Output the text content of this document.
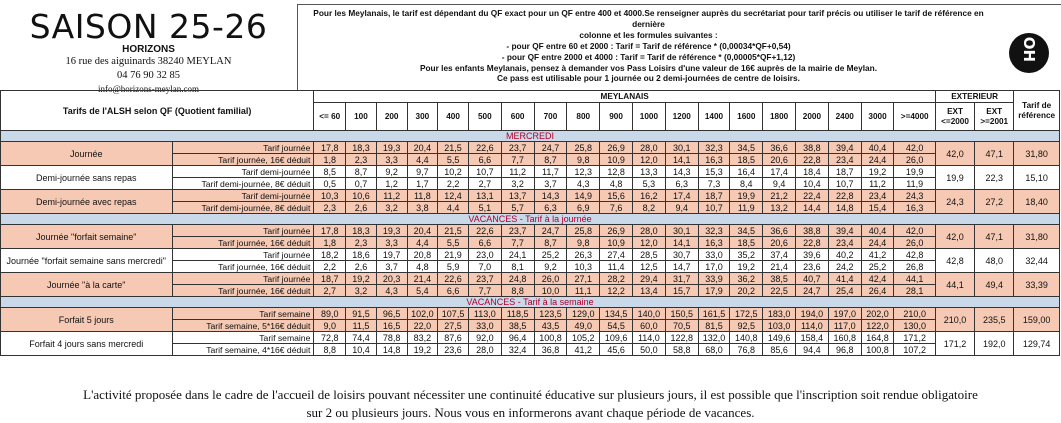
SAISON 25-26
HORIZONS
16 rue des aiguinards 38240 MEYLAN
04 76 90 32 85
info@horizons-meylan.com
Pour les Meylanais, le tarif est dépendant du QF exact pour un QF entre 400 et 4000.Se renseigner auprès du secrétariat pour tarif précis ou utiliser le tarif de référence en dernière
colonne et les formules suivantes :
- pour QF entre 60 et 2000 : Tarif = Tarif de référence * (0,00034*QF+0,54)
- pour QF entre 2000 et 4000 : Tarif = Tarif de référence * (0,00005*QF+1,12)
Pour les enfants Meylanais, pensez à demander vos Pass Loisirs d'une valeur de 16€ auprès de la mairie de Meylan.
Ce pass est utilisable pour 1 journée ou 2 demi-journées de centre de loisirs.
OH
Tarifs de l'ALSH selon QF (Quotient familial)		MEYLANAIS																			EXTERIEUR		Tarif de référence
		<= 60	100	200	300	400	500	600	700	800	900	1000	1200	1400	1600	1800	2000	2400	3000	>=4000	EXT <=2000	EXT >=2001	
MERCREDI																							
Journée	Tarif journée	17,8	18,3	19,3	20,4	21,5	22,6	23,7	24,7	25,8	26,9	28,0	30,1	32,3	34,5	36,6	38,8	39,4	40,4	42,0	42,0	47,1	31,80
	Tarif journée, 16€ déduit	1,8	2,3	3,3	4,4	5,5	6,6	7,7	8,7	9,8	10,9	12,0	14,1	16,3	18,5	20,6	22,8	23,4	24,4	26,0			
Demi-journée sans repas	Tarif demi-journée	8,5	8,7	9,2	9,7	10,2	10,7	11,2	11,7	12,3	12,8	13,3	14,3	15,3	16,4	17,4	18,4	18,7	19,2	19,9	19,9	22,3	15,10
	Tarif demi-journée, 8€ déduit	0,5	0,7	1,2	1,7	2,2	2,7	3,2	3,7	4,3	4,8	5,3	6,3	7,3	8,4	9,4	10,4	10,7	11,2	11,9			
Demi-journée avec repas	Tarif demi-journée	10,3	10,6	11,2	11,8	12,4	13,1	13,7	14,3	14,9	15,6	16,2	17,4	18,7	19,9	21,2	22,4	22,8	23,4	24,3	24,3	27,2	18,40
	Tarif demi-journée, 8€ déduit	2,3	2,6	3,2	3,8	4,4	5,1	5,7	6,3	6,9	7,6	8,2	9,4	10,7	11,9	13,2	14,4	14,8	15,4	16,3			
VACANCES - Tarif à la journée																							
Journée "forfait semaine"	Tarif journée	17,8	18,3	19,3	20,4	21,5	22,6	23,7	24,7	25,8	26,9	28,0	30,1	32,3	34,5	36,6	38,8	39,4	40,4	42,0	42,0	47,1	31,80
	Tarif journée, 16€ déduit	1,8	2,3	3,3	4,4	5,5	6,6	7,7	8,7	9,8	10,9	12,0	14,1	16,3	18,5	20,6	22,8	23,4	24,4	26,0			
Journée "forfait semaine sans mercredi"	Tarif journée	18,2	18,6	19,7	20,8	21,9	23,0	24,1	25,2	26,3	27,4	28,5	30,7	33,0	35,2	37,4	39,6	40,2	41,2	42,8	42,8	48,0	32,44
	Tarif journée, 16€ déduit	2,2	2,6	3,7	4,8	5,9	7,0	8,1	9,2	10,3	11,4	12,5	14,7	17,0	19,2	21,4	23,6	24,2	25,2	26,8			
Journée "à la carte"	Tarif journée	18,7	19,2	20,3	21,4	22,6	23,7	24,8	26,0	27,1	28,2	29,4	31,7	33,9	36,2	38,5	40,7	41,4	42,4	44,1	44,1	49,4	33,39
	Tarif journée, 16€ déduit	2,7	3,2	4,3	5,4	6,6	7,7	8,8	10,0	11,1	12,2	13,4	15,7	17,9	20,2	22,5	24,7	25,4	26,4	28,1			
VACANCES - Tarif à la semaine																							
Forfait 5 jours	Tarif semaine	89,0	91,5	96,5	102,0	107,5	113,0	118,5	123,5	129,0	134,5	140,0	150,5	161,5	172,5	183,0	194,0	197,0	202,0	210,0	210,0	235,5	159,00
	Tarif semaine, 5*16€ déduit	9,0	11,5	16,5	22,0	27,5	33,0	38,5	43,5	49,0	54,5	60,0	70,5	81,5	92,5	103,0	114,0	117,0	122,0	130,0			
Forfait 4 jours sans mercredi	Tarif semaine	72,8	74,4	78,8	83,2	87,6	92,0	96,4	100,8	105,2	109,6	114,0	122,8	132,0	140,8	149,6	158,4	160,8	164,8	171,2	171,2	192,0	129,74
	Tarif semaine, 4*16€ déduit	8,8	10,4	14,8	19,2	23,6	28,0	32,4	36,8	41,2	45,6	50,0	58,8	68,0	76,8	85,6	94,4	96,8	100,8	107,2			
L'activité proposée dans le cadre de l'accueil de loisirs pouvant nécessiter une continuité éducative sur plusieurs jours, il est possible que l'inscription soit rendue obligatoire
sur 2 ou plusieurs jours. Nous vous en informerons avant chaque période de vacances.
